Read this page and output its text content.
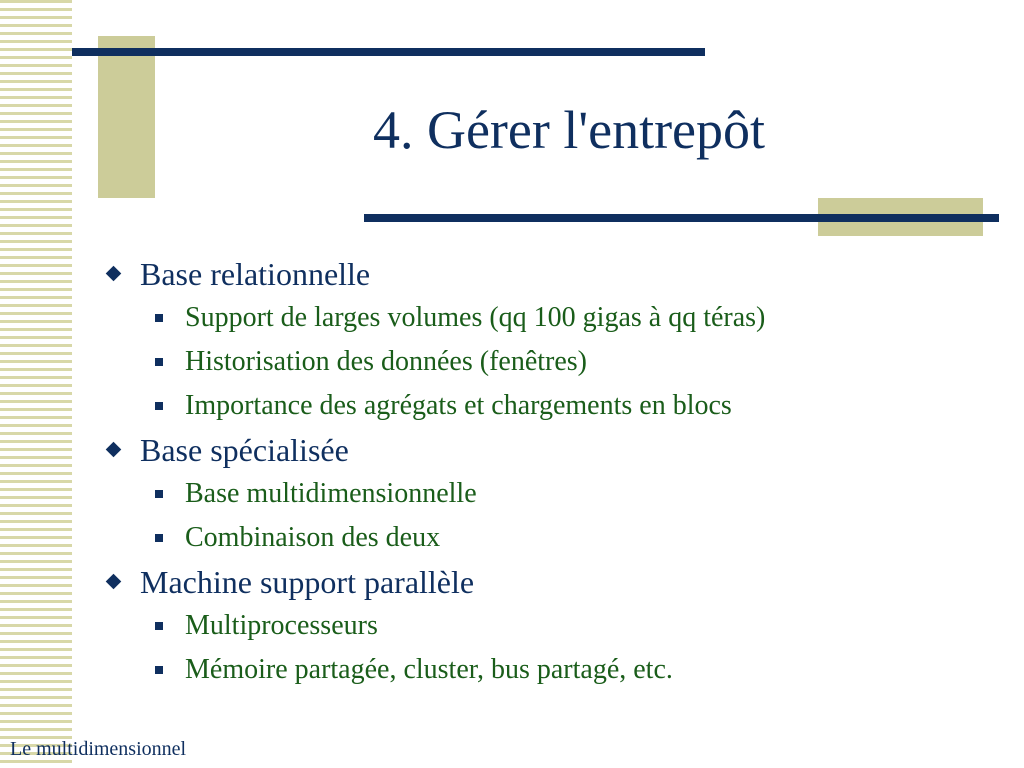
4. Gérer l'entrepôt
Base relationnelle
Support de larges volumes (qq 100 gigas à qq téras)
Historisation des données (fenêtres)
Importance des agrégats et chargements en blocs
Base spécialisée
Base multidimensionnelle
Combinaison des deux
Machine support parallèle
Multiprocesseurs
Mémoire partagée, cluster, bus partagé, etc.
Le multidimensionnel
